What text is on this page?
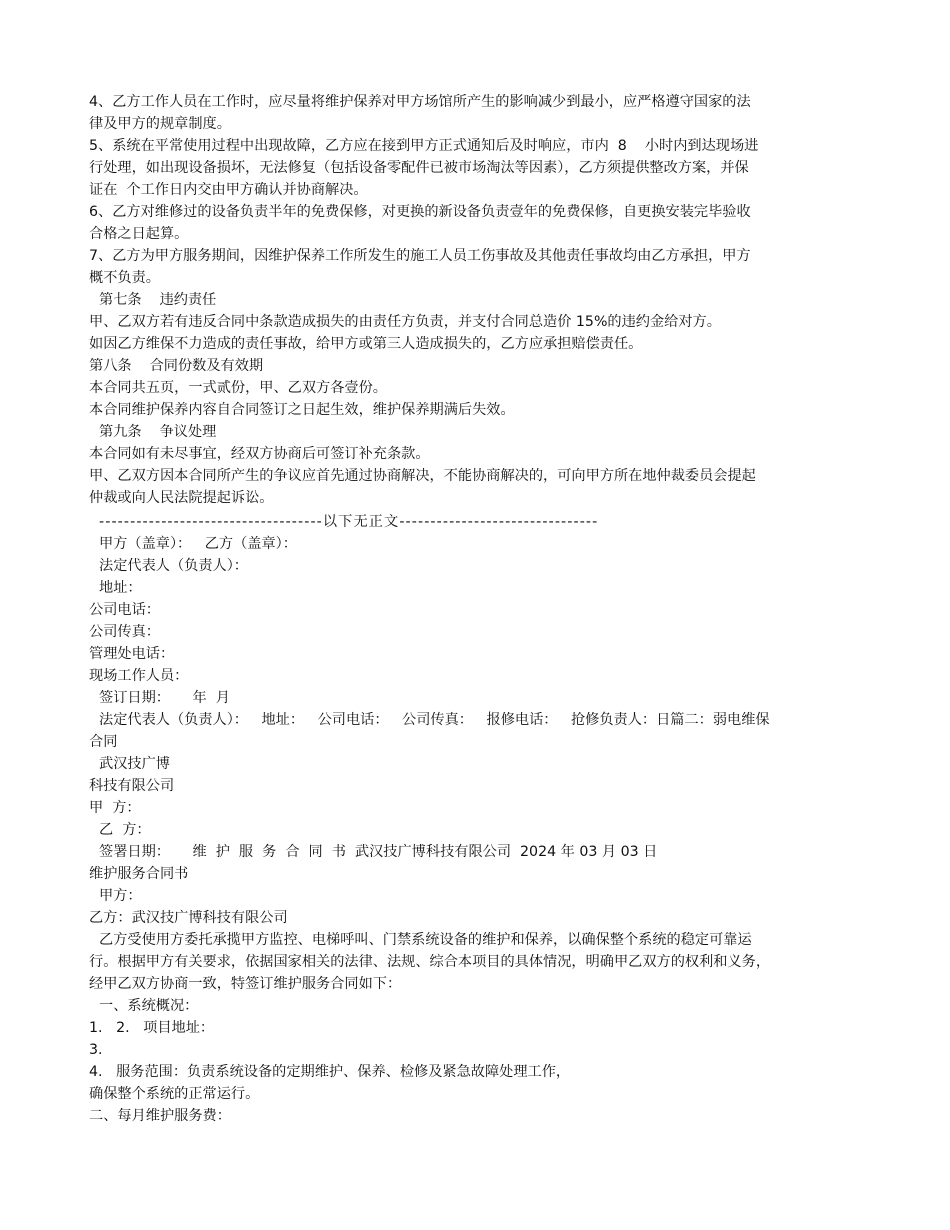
4、乙方工作人员在工作时，应尽量将维护保养对甲方场馆所产生的影响减少到最小，应严格遵守国家的法
律及甲方的规章制度。
5、系统在平常使用过程中出现故障，乙方应在接到甲方正式通知后及时响应，市内  8    小时内到达现场进
行处理，如出现设备损坏，无法修复（包括设备零配件已被市场淘汰等因素），乙方须提供整改方案，并保
证在  个工作日内交由甲方确认并协商解决。
6、乙方对维修过的设备负责半年的免费保修，对更换的新设备负责壹年的免费保修，自更换安装完毕验收
合格之日起算。
7、乙方为甲方服务期间，因维护保养工作所发生的施工人员工伤事故及其他责任事故均由乙方承担，甲方
概不负责。
第七条    违约责任
甲、乙双方若有违反合同中条款造成损失的由责任方负责，并支付合同总造价 15%的违约金给对方。
如因乙方维保不力造成的责任事故，给甲方或第三人造成损失的，乙方应承担赔偿责任。
第八条    合同份数及有效期
本合同共五页，一式贰份，甲、乙双方各壹份。
本合同维护保养内容自合同签订之日起生效，维护保养期满后失效。
第九条    争议处理
本合同如有未尽事宜，经双方协商后可签订补充条款。
甲、乙双方因本合同所产生的争议应首先通过协商解决，不能协商解决的，可向甲方所在地仲裁委员会提起
仲裁或向人民法院提起诉讼。
------------------------------------以下无正文--------------------------------
甲方（盖章）：   乙方（盖章）：
法定代表人（负责人）：
地址：
公司电话：
公司传真：
管理处电话：
现场工作人员：
签订日期：     年  月
法定代表人（负责人）：   地址：   公司电话：   公司传真：   报修电话：   抢修负责人：日篇二：弱电维保
合同
武汉技广博
科技有限公司
甲  方：
乙  方：
签署日期：     维  护  服  务  合  同  书  武汉技广博科技有限公司  2024 年 03 月 03 日
维护服务合同书
甲方：
乙方：武汉技广博科技有限公司
乙方受使用方委托承揽甲方监控、电梯呼叫、门禁系统设备的维护和保养，以确保整个系统的稳定可靠运
行。根据甲方有关要求，依据国家相关的法律、法规、综合本项目的具体情况，明确甲乙双方的权利和义务，
经甲乙双方协商一致，特签订维护服务合同如下：
一、系统概况：
1.   2.   项目地址：
3.
4.   服务范围：负责系统设备的定期维护、保养、检修及紧急故障处理工作，
确保整个系统的正常运行。
二、每月维护服务费：
